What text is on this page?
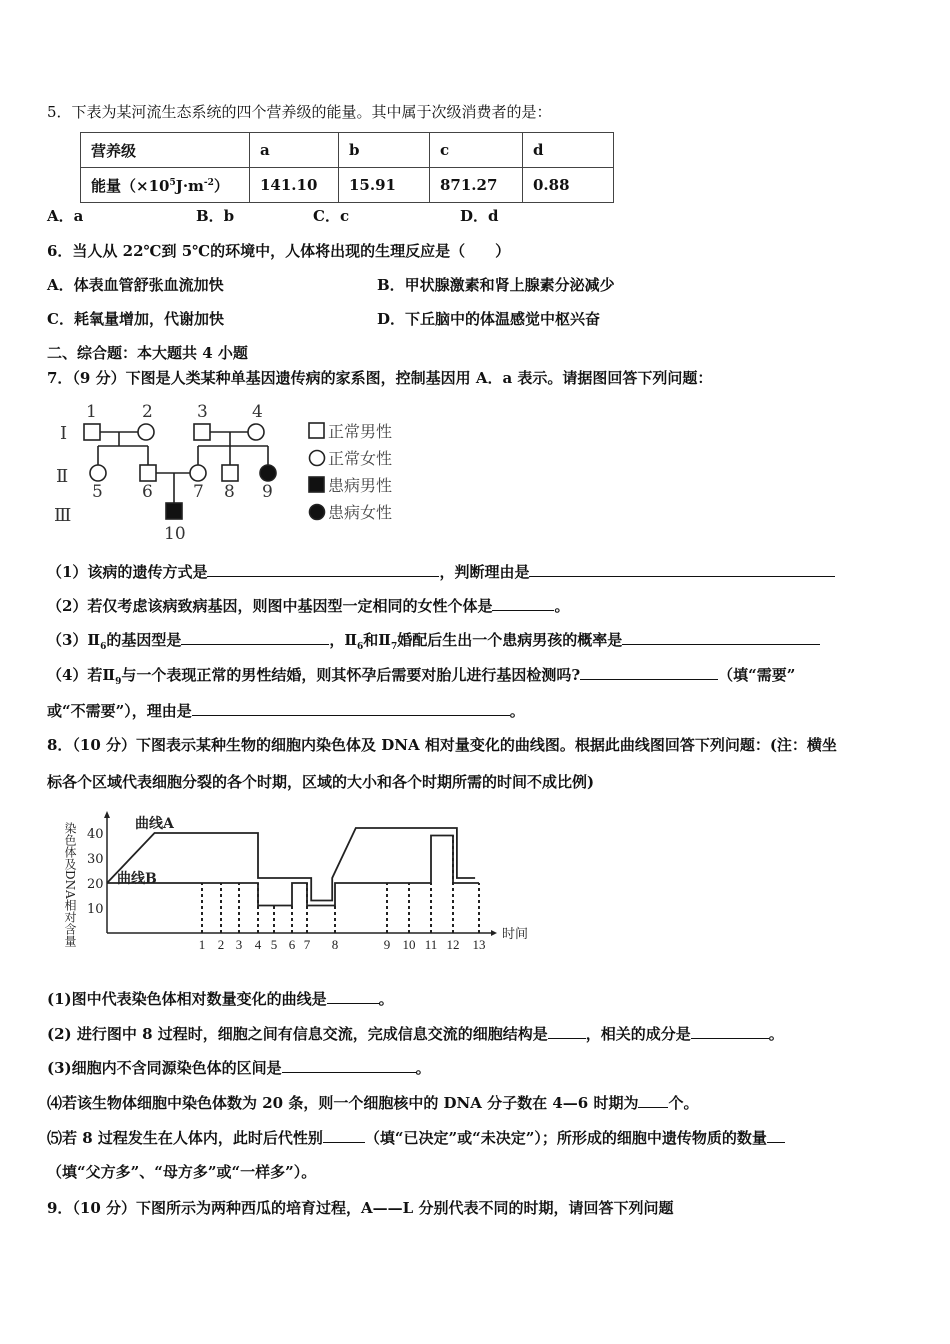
5．下表为某河流生态系统的四个营养级的能量。其中属于次级消费者的是：
营养级	a	b	c	d
能量$(\times 10^5J\cdot m^{-2})$	141.10	15.91	871.27	0.88
A．a	B．b	C．c	D．d
6．当人从 22℃到 5℃的环境中，人体将出现的生理反应是（　　）
A．体表血管舒张血流加快	B．甲状腺激素和肾上腺素分泌减少
C．耗氧量增加，代谢加快	D．下丘脑中的体温感觉中枢兴奋
二、综合题：本大题共 4 小题
7．（9 分）下图是人类某种单基因遗传病的家系图，控制基因用 A．a 表示。请据图回答下列问题：
Ⅰ
Ⅱ
Ⅲ
1	2	3	4
5 6 7 8 9
10
正常男性
正常女性
患病男性
患病女性
（1）该病的遗传方式是	，判断理由是
（2）若仅考虑该病致病基因，则图中基因型一定相同的女性个体是	。
$(3)Ⅱ_6$的基因型是	，$Ⅱ_6$和$Ⅱ_7$婚配后生出一个患病男孩的概率是
（4）若$Ⅱ_9$与一个表现正常的男性结婚，则其怀孕后需要对胎儿进行基因检测吗?	（填“需要”
或“不需要”），理由是	。
8．（10 分）下图表示某种生物的细胞内染色体及 DNA 相对量变化的曲线图。根据此曲线图回答下列问题：(注：横坐
标各个区域代表细胞分裂的各个时期，区域的大小和各个时期所需的时间不成比例)
10
20
30
40
1 2 3 4 5 6 7 8	9 10 11 12 13
曲线A
曲线B
时间
染色体及DNA相对含量
(1)图中代表染色体相对数量变化的曲线是	。
(2) 进行图中 8 过程时，细胞之间有信息交流，完成信息交流的细胞结构是	，相关的成分是	。
(3)细胞内不含同源染色体的区间是	。
⑷若该生物体细胞中染色体数为 20 条，则一个细胞核中的 DNA 分子数在 4—6 时期为 个。
⑸若 8 过程发生在人体内，此时后代性别	（填“已决定”或“未决定”）；所形成的细胞中遗传物质的数量
（填“父方多”、“母方多”或“一样多”）。
9．（10 分）下图所示为两种西瓜的培育过程，A——L 分别代表不同的时期，请回答下列问题
